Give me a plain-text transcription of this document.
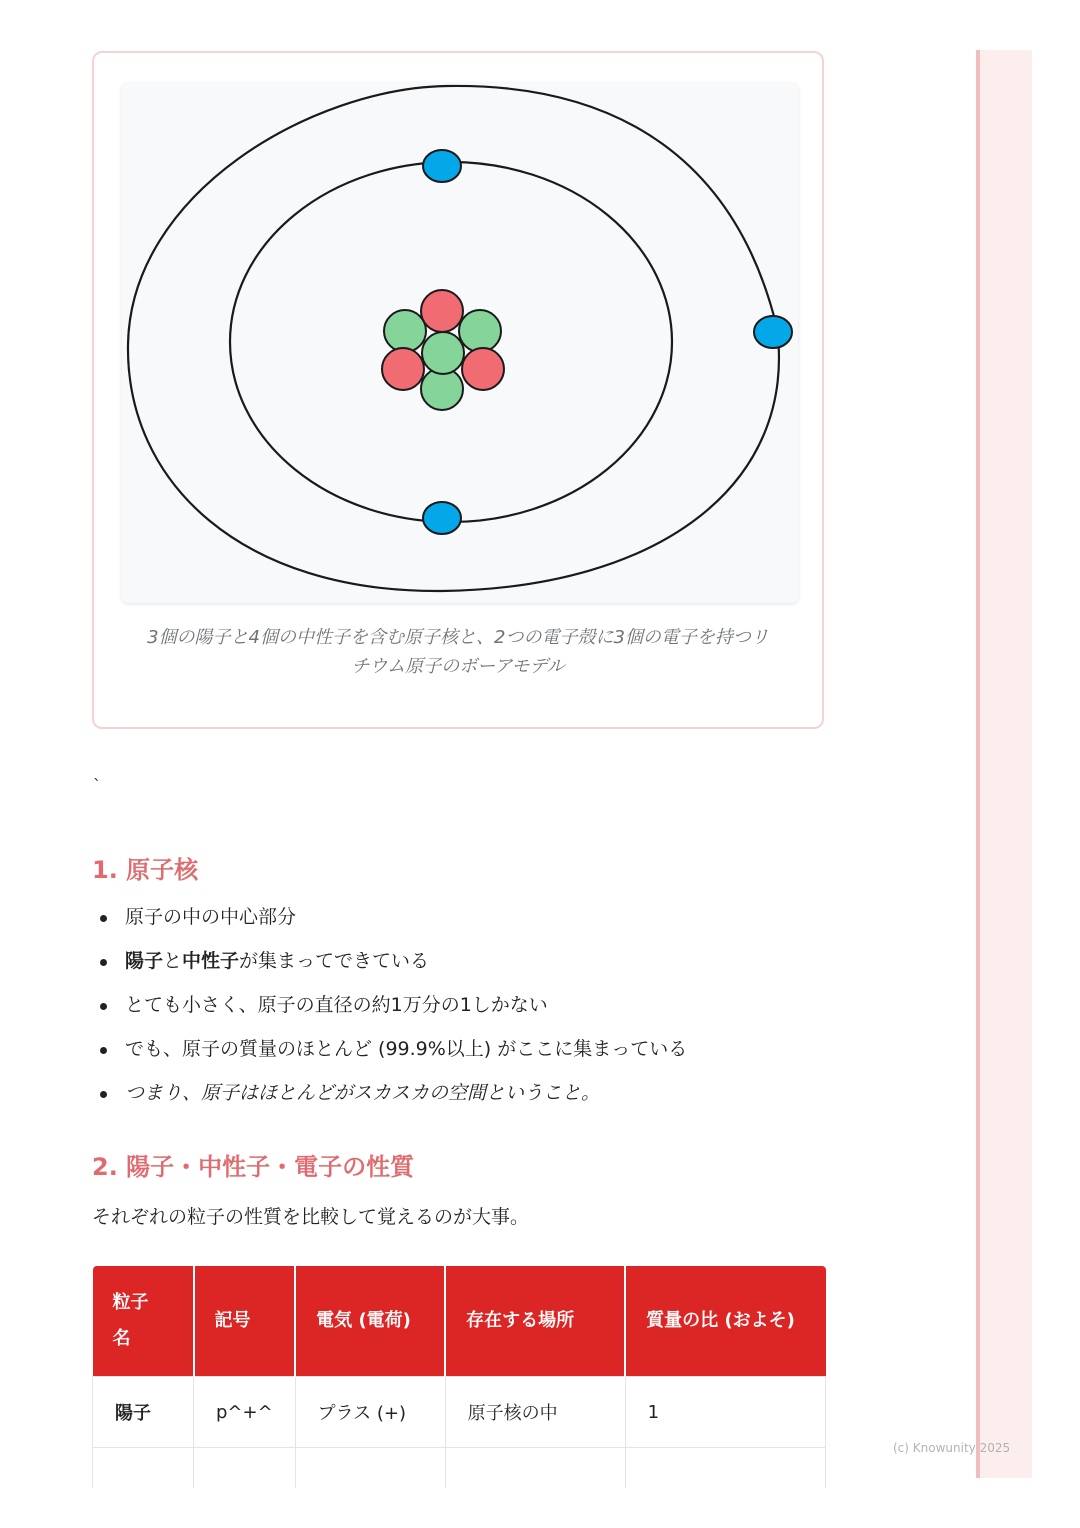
3個の陽子と4個の中性子を含む原子核と、2つの電子殻に3個の電子を持つリ
チウム原子のボーアモデル
`
1. 原子核
原子の中の中心部分
陽子と中性子が集まってできている
とても小さく、原子の直径の約1万分の1しかない
でも、原子の質量のほとんど (99.9%以上) がここに集まっている
つまり、原子はほとんどがスカスカの空間ということ。
2. 陽子・中性子・電子の性質

それぞれの粒子の性質を比較して覚えるのが大事。

粒子
名	記号	電気 (電荷)	存在する場所	質量の比 (およそ)
陽子	p^+^	プラス (+)	原子核の中	1

(c) Knowunity 2025
